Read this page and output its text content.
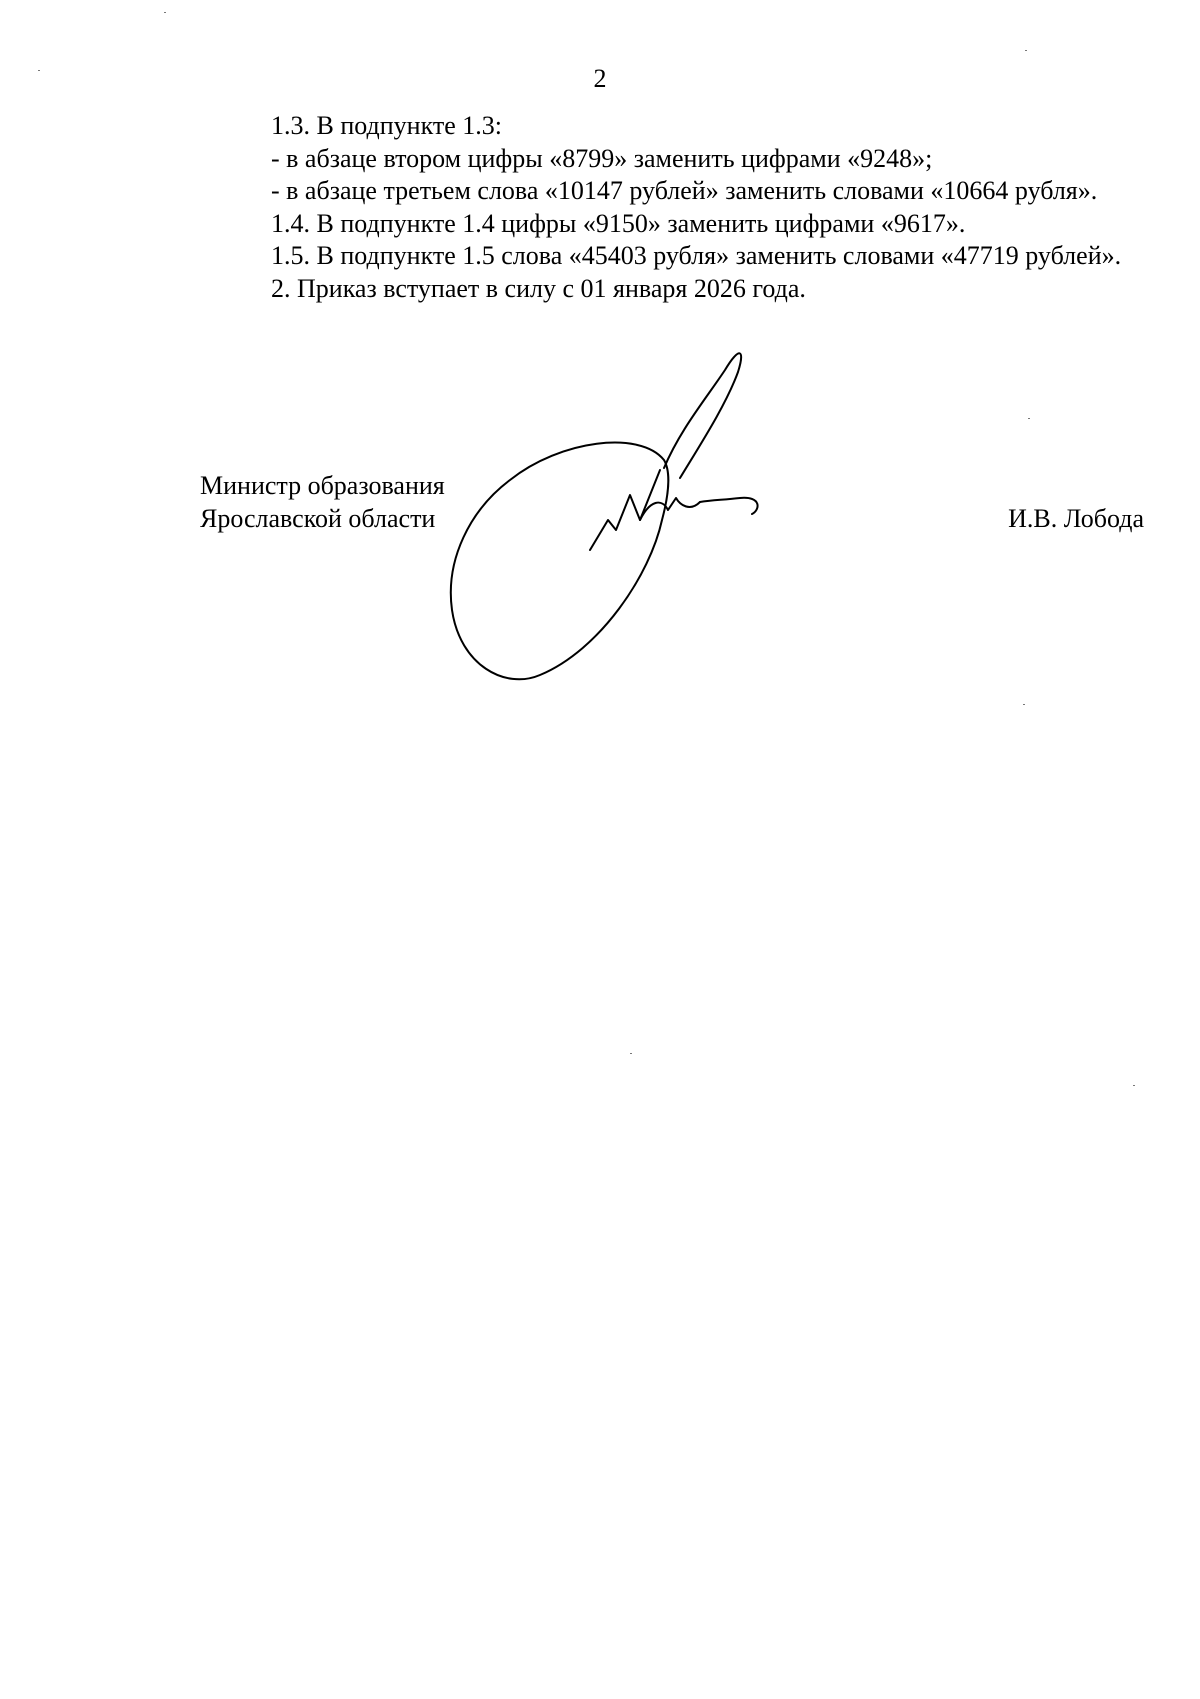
2

1.3. В подпункте 1.3:

- в абзаце втором цифры «8799» заменить цифрами «9248»;

- в абзаце третьем слова «10147 рублей» заменить словами «10664 рубля».

1.4. В подпункте 1.4 цифры «9150» заменить цифрами «9617».

1.5. В подпункте 1.5 слова «45403 рубля» заменить словами «47719 рублей».

2. Приказ вступает в силу с 01 января 2026 года.

Министр образования
Ярославской области	И.В. Лобода
